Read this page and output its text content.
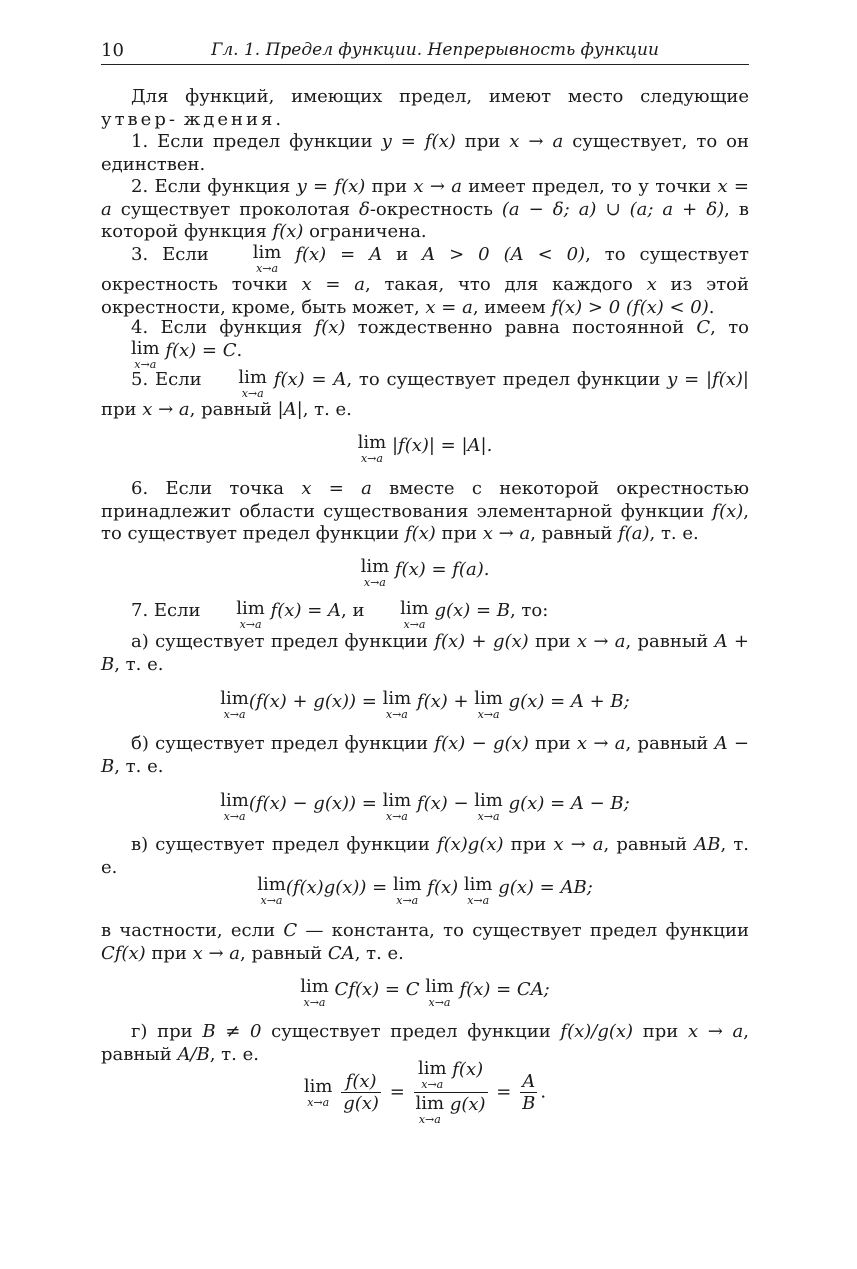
10	Гл. 1. Предел функции. Непрерывность функции

Для функций, имеющих предел, имеют место следующие утвер- ждения.

1. Если предел функции y = f(x) при x → a существует, то он единствен.

2. Если функция y = f(x) при x → a имеет предел, то у точки x = a существует проколотая δ-окрестность (a − δ; a) ∪ (a; a + δ), в которой функция f(x) ограничена.

3. Если	lim
x→a
f(x) = A и A > 0 (A < 0), то существует окрестность точки x = a, такая, что для каждого x из этой окрестности, кроме, быть может, x = a, имеем f(x) > 0 (f(x) < 0).

4. Если функция f(x) тождественно равна постоянной C, то
lim
x→a
f(x) = C.

5. Если	lim
x→a
f(x) = A, то существует предел функции y = |f(x)| при x → a, равный |A|, т. е.

lim
x→a
|f(x)| = |A|.

6. Если точка x = a вместе с некоторой окрестностью принадлежит области существования элементарной функции f(x), то существует предел функции f(x) при x → a, равный f(a), т. е.

lim
x→a
f(x) = f(a).

7. Если	lim
x→a
f(x) = A, и	lim
x→a
g(x) = B, то:

а) существует предел функции f(x) + g(x) при x → a, равный A + B, т. е.

lim
x→a
(f(x) + g(x)) = lim
x→a
f(x) + lim
x→a
g(x) = A + B;

б) существует предел функции f(x) − g(x) при x → a, равный A − B, т. е.

lim
x→a
(f(x) − g(x)) = lim
x→a
f(x) − lim
x→a
g(x) = A − B;

в) существует предел функции f(x)g(x) при x → a, равный AB, т. е.

lim
x→a
(f(x)g(x)) = lim
x→a
f(x) lim
x→a
g(x) = AB;

в частности, если C — константа, то существует предел функции Cf(x) при x → a, равный CA, т. е.

lim
x→a
Cf(x) = C lim
x→a
f(x) = CA;

г) при B ≠ 0 существует предел функции f(x)/g(x) при x → a, равный A/B, т. е.

lim
x→a
$\frac{f(x)}{g(x)} = \lim$
x→a
f(x)
lim
x→a
$g(x) = \frac{A}{B}$ .
